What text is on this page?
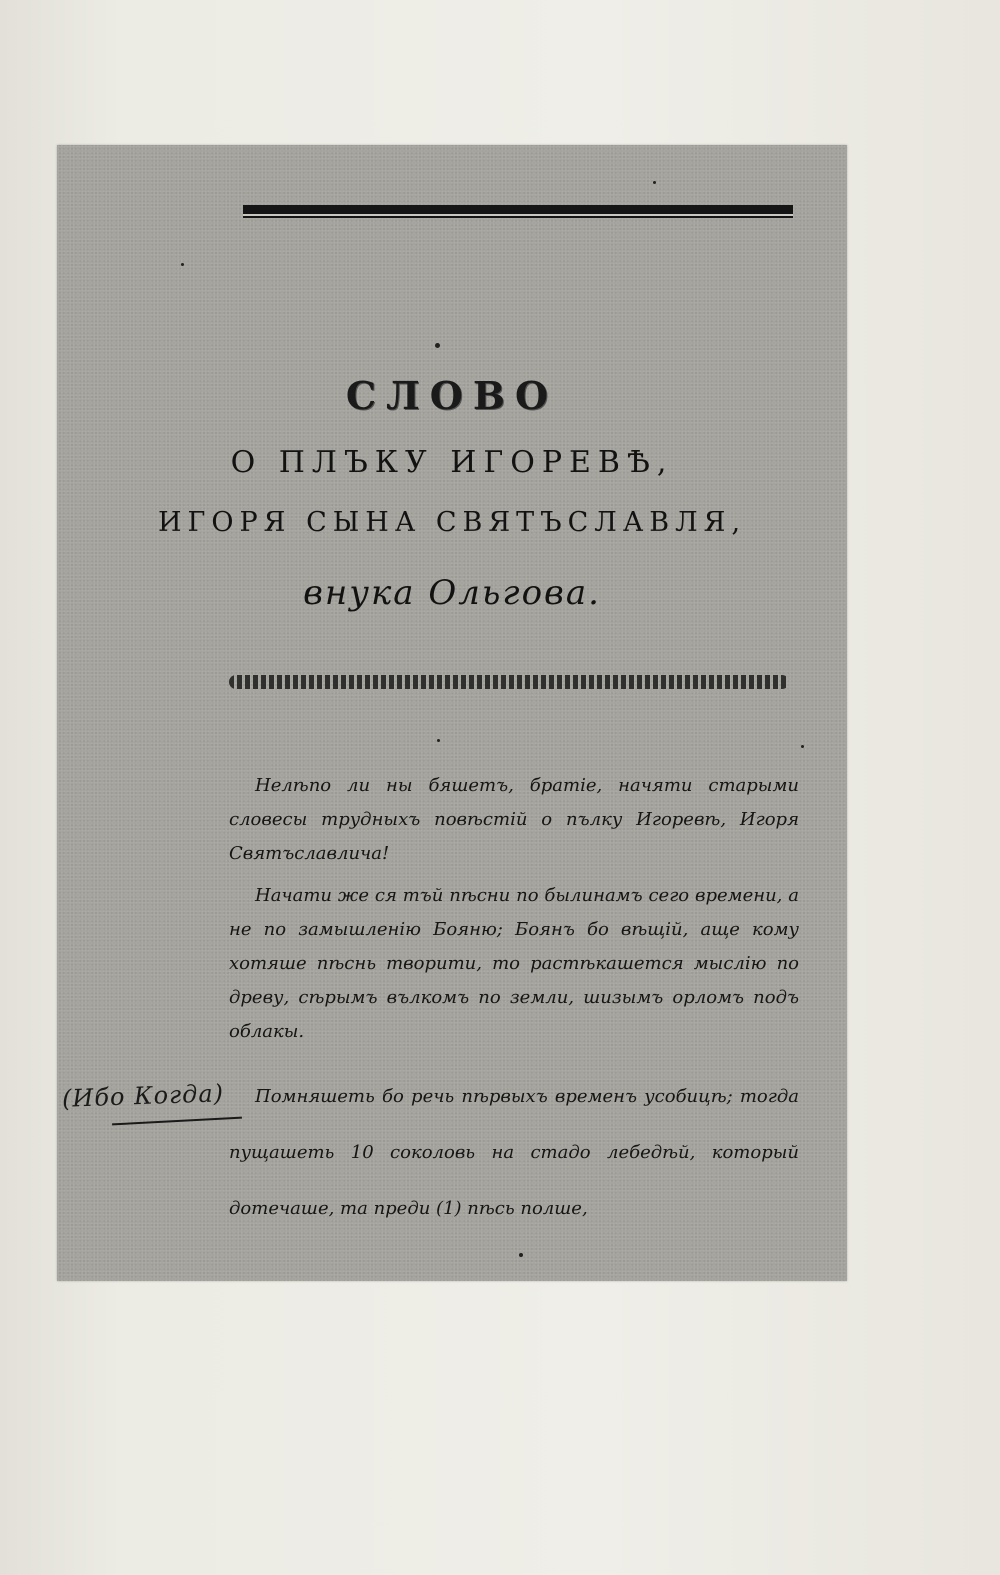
СЛОВО
О ПЛЪКУ ИГОРЕВѢ,
ИГОРЯ СЫНА СВЯТЪСЛАВЛЯ,
внука Ольгова.

Нелѣпо ли ны бяшетъ, братіе, начяти старыми словесы трудныхъ повѣстій о пълку Игоревѣ, Игоря Святъславлича!

Начати же ся тъй пѣсни по былинамъ сего времени, а не по замышленію Бояню; Боянъ бо вѣщій, аще кому хотяше пѣснь творити, то растѣкашется мыслію по древу, сѣрымъ вълкомъ по земли, шизымъ орломъ подъ облакы.

Помняшеть бо речь пѣрвыхъ временъ усобицѣ; тогда пущашеть 10 соколовь на стадо лебедѣй, который дотечаше, та преди (1) пѣсь полше,

(Ибо Когда)
